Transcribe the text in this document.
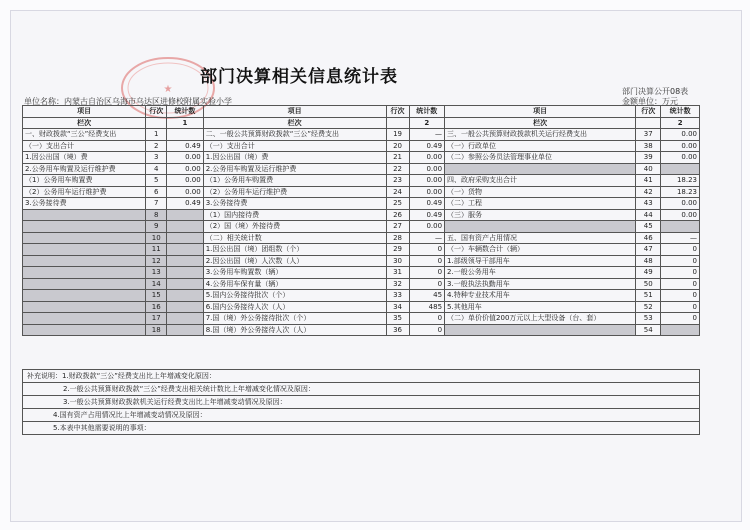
★
部门决算相关信息统计表
部门决算公开08表
金额单位：万元
单位名称：内蒙古自治区乌海市乌达区进修校附属实验小学
项目	行次	统计数	项目	行次	统计数	项目	行次	统计数
栏次		1	栏次		2	栏次		2
一、财政拨款“三公”经费支出	1		二、一般公共预算财政拨款“三公”经费支出	19	—	三、一般公共预算财政拨款机关运行经费支出	37	0.00
（一）支出合计	2	0.49	（一）支出合计	20	0.49	（一）行政单位	38	0.00
1.因公出国（境）费	3	0.00	1.因公出国（境）费	21	0.00	（二）参照公务员法管理事业单位	39	0.00
2.公务用车购置及运行维护费	4	0.00	2.公务用车购置及运行维护费	22	0.00		40	
（1）公务用车购置费	5	0.00	（1）公务用车购置费	23	0.00	四、政府采购支出合计	41	18.23
（2）公务用车运行维护费	6	0.00	（2）公务用车运行维护费	24	0.00	（一）货物	42	18.23
3.公务接待费	7	0.49	3.公务接待费	25	0.49	（二）工程	43	0.00
	8		（1）国内接待费	26	0.49	（三）服务	44	0.00
	9		（2）国（境）外接待费	27	0.00		45	
	10		（二）相关统计数	28	—	五、国有资产占用情况	46	—
	11		1.因公出国（境）团组数（个）	29	0	（一）车辆数合计（辆）	47	0
	12		2.因公出国（境）人次数（人）	30	0	1.部级领导干部用车	48	0
	13		3.公务用车购置数（辆）	31	0	2.一般公务用车	49	0
	14		4.公务用车保有量（辆）	32	0	3.一般执法执勤用车	50	0
	15		5.国内公务接待批次（个）	33	45	4.特种专业技术用车	51	0
	16		6.国内公务接待人次（人）	34	485	5.其他用车	52	0
	17		7.国（境）外公务接待批次（个）	35	0	（二）单价价值200万元以上大型设备（台、套）	53	0
	18		8.国（境）外公务接待人次（人）	36	0		54	
补充说明：1.财政拨款“三公”经费支出比上年增减变化原因：
2.一般公共预算财政拨款“三公”经费支出相关统计数比上年增减变化情况及原因：
3.一般公共预算财政拨款机关运行经费支出比上年增减变动情况及原因：
4.国有资产占用情况比上年增减变动情况及原因：
5.本表中其他需要说明的事项：
